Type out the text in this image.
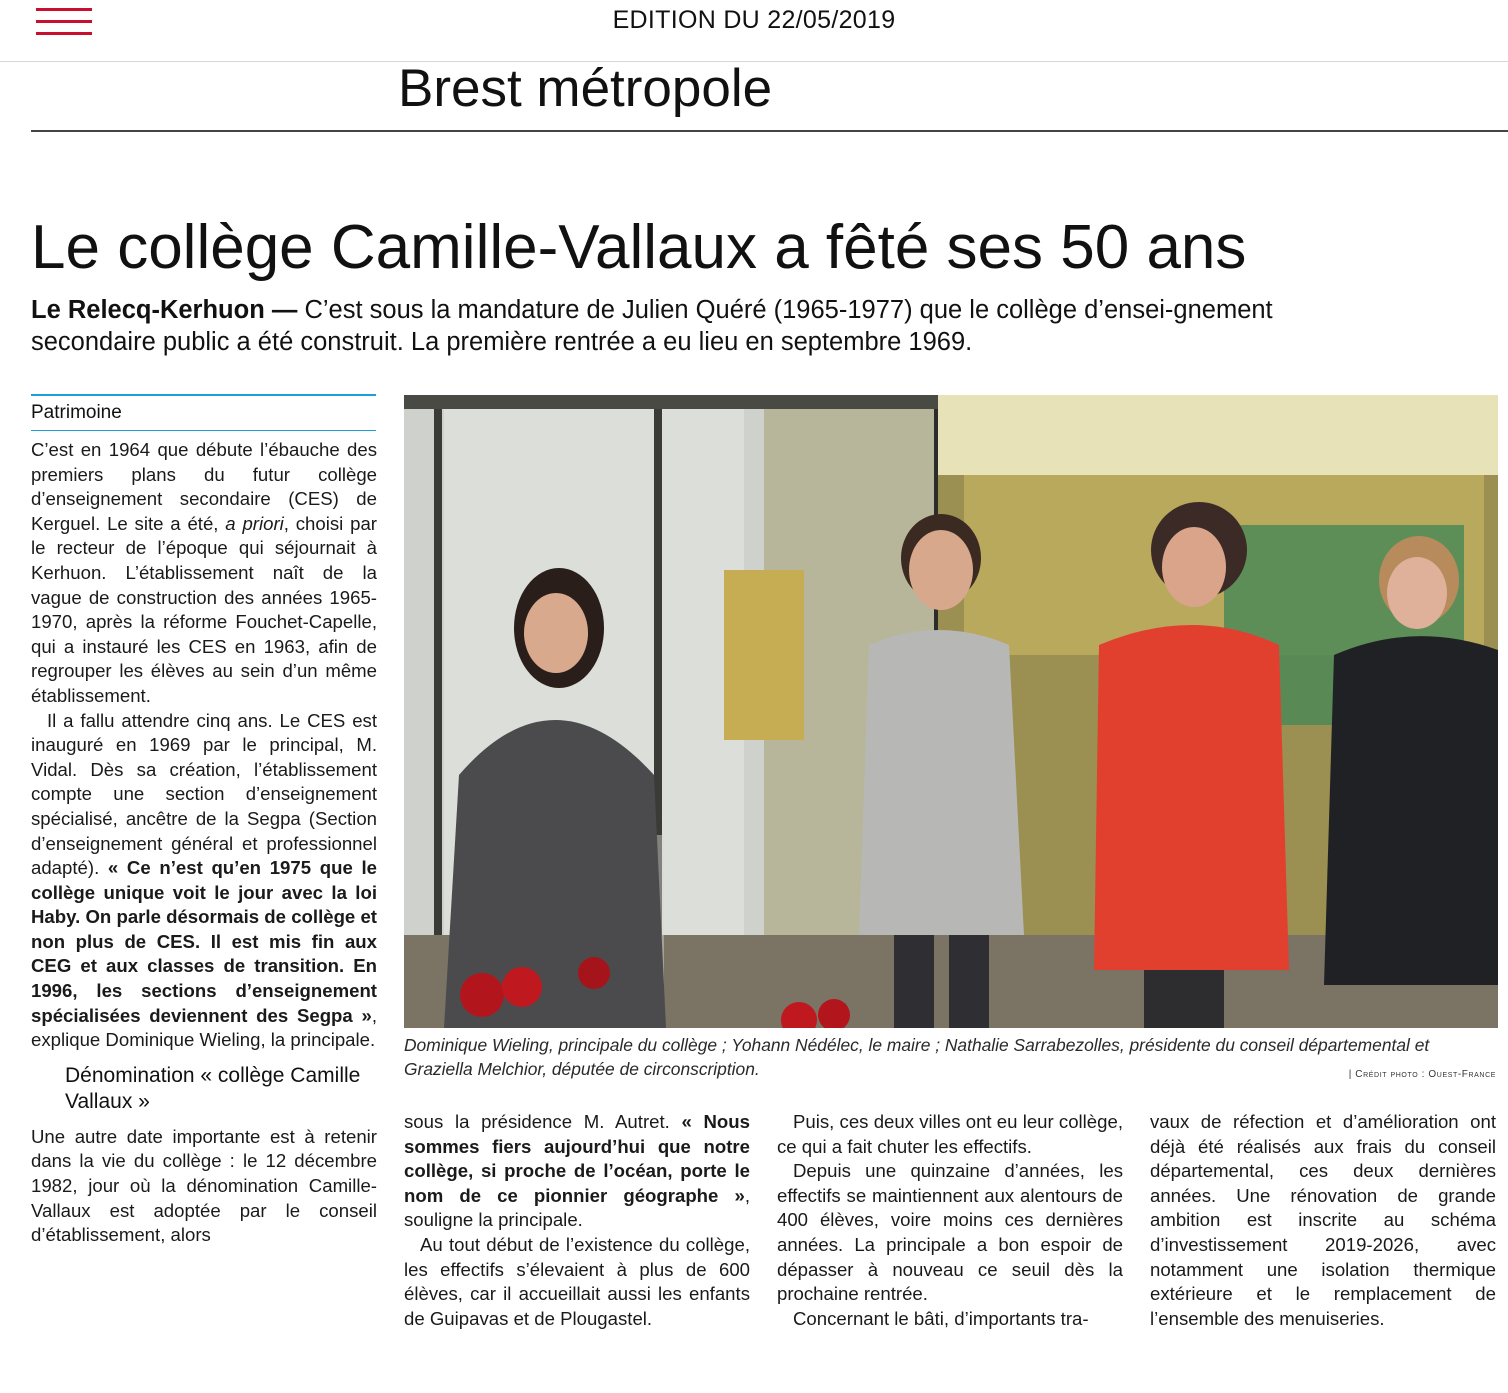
EDITION DU 22/05/2019
Brest métropole
Le collège Camille-Vallaux a fêté ses 50 ans

Le Relecq-Kerhuon — C’est sous la mandature de Julien Quéré (1965-1977) que le collège d’ensei-gnement secondaire public a été construit. La première rentrée a eu lieu en septembre 1969.

Patrimoine

C’est en 1964 que débute l’ébauche des premiers plans du futur collège d’enseignement secondaire (CES) de Kerguel. Le site a été, a priori, choisi par le recteur de l’époque qui séjournait à Kerhuon. L’établissement naît de la vague de construction des années 1965-1970, après la réforme Fouchet-Capelle, qui a instauré les CES en 1963, afin de regrouper les élèves au sein d’un même établissement.

Il a fallu attendre cinq ans. Le CES est inauguré en 1969 par le principal, M. Vidal. Dès sa création, l’établissement compte une section d’enseignement spécialisé, ancêtre de la Segpa (Section d’enseignement général et professionnel adapté). « Ce n’est qu’en 1975 que le collège unique voit le jour avec la loi Haby. On parle désormais de collège et non plus de CES. Il est mis fin aux CEG et aux classes de transition. En 1996, les sections d’enseignement spécialisées deviennent des Segpa », explique Dominique Wieling, la principale.

Dénomination « collège Camille Vallaux »

Une autre date importante est à retenir dans la vie du collège : le 12 décembre 1982, jour où la dénomination Camille-Vallaux est adoptée par le conseil d’établissement, alors

Dominique Wieling, principale du collège ; Yohann Nédélec, le maire ; Nathalie Sarrabezolles, présidente du conseil départemental et Graziella Melchior, députée de circonscription.	| Crédit photo : Ouest-France

sous la présidence M. Autret. « Nous sommes fiers aujourd’hui que notre collège, si proche de l’océan, porte le nom de ce pionnier géographe », souligne la principale.

Au tout début de l’existence du collège, les effectifs s’élevaient à plus de 600 élèves, car il accueillait aussi les enfants de Guipavas et de Plougastel.

Puis, ces deux villes ont eu leur collège, ce qui a fait chuter les effectifs.

Depuis une quinzaine d’années, les effectifs se maintiennent aux alentours de 400 élèves, voire moins ces dernières années. La principale a bon espoir de dépasser à nouveau ce seuil dès la prochaine rentrée.

Concernant le bâti, d’importants tra-

vaux de réfection et d’amélioration ont déjà été réalisés aux frais du conseil départemental, ces deux dernières années. Une rénovation de grande ambition est inscrite au schéma d’investissement 2019-2026, avec notamment une isolation thermique extérieure et le remplacement de l’ensemble des menuiseries.
